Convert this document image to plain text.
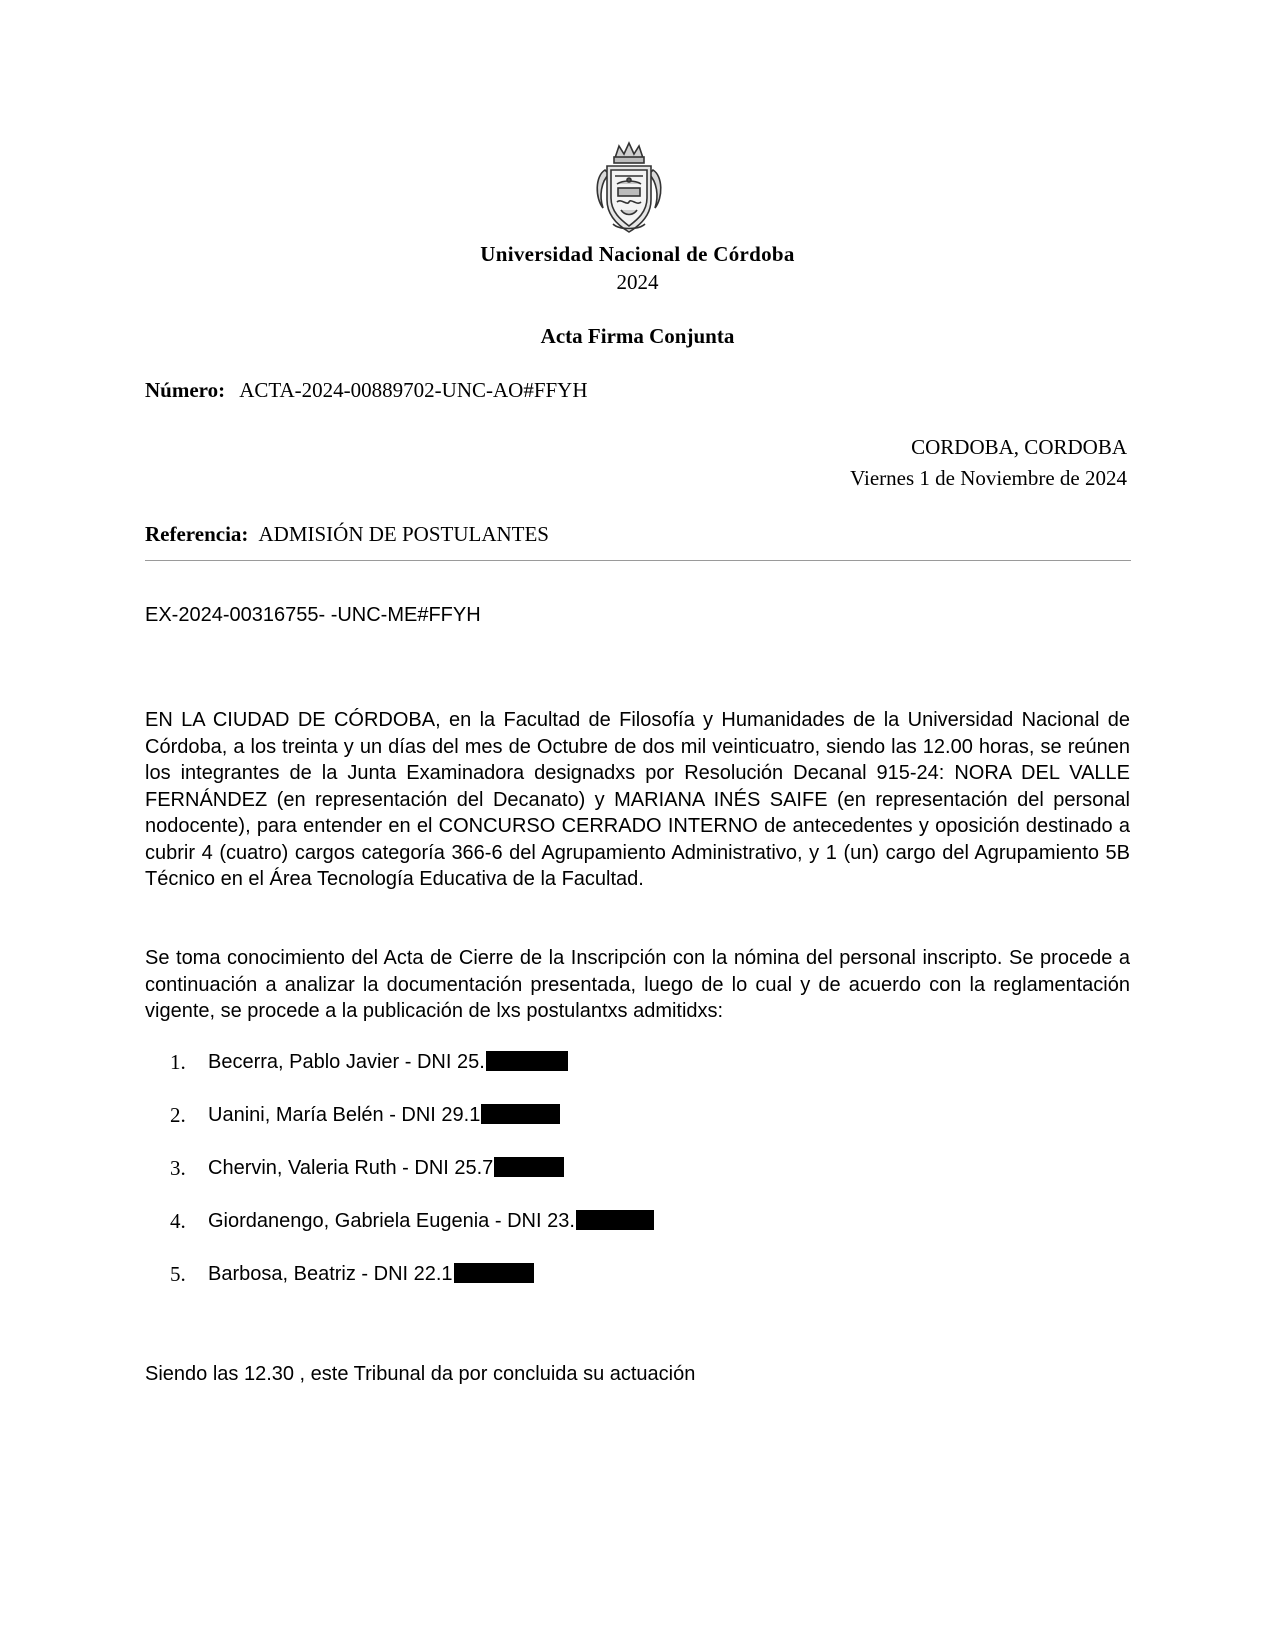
Universidad Nacional de Córdoba
2024
Acta Firma Conjunta
Número: ACTA-2024-00889702-UNC-AO#FFYH
CORDOBA, CORDOBA
Viernes 1 de Noviembre de 2024
Referencia: ADMISIÓN DE POSTULANTES
EX-2024-00316755- -UNC-ME#FFYH
EN LA CIUDAD DE CÓRDOBA, en la Facultad de Filosofía y Humanidades de la Universidad Nacional de Córdoba, a los treinta y un días del mes de Octubre de dos mil veinticuatro, siendo las 12.00 horas, se reúnen los integrantes de la Junta Examinadora designadxs por Resolución Decanal 915-24: NORA DEL VALLE FERNÁNDEZ (en representación del Decanato) y MARIANA INÉS SAIFE (en representación del personal nodocente), para entender en el CONCURSO CERRADO INTERNO de antecedentes y oposición destinado a cubrir 4 (cuatro) cargos categoría 366-6 del Agrupamiento Administrativo, y 1 (un) cargo del Agrupamiento 5B Técnico en el Área Tecnología Educativa de la Facultad.
Se toma conocimiento del Acta de Cierre de la Inscripción con la nómina del personal inscripto. Se procede a continuación a analizar la documentación presentada, luego de lo cual y de acuerdo con la reglamentación vigente, se procede a la publicación de lxs postulantxs admitidxs:
1.	Becerra, Pablo Javier - DNI 25.
2.	Uanini, María Belén - DNI 29.1
3.	Chervin, Valeria Ruth - DNI 25.7
4.	Giordanengo, Gabriela Eugenia - DNI 23.
5.	Barbosa, Beatriz - DNI 22.1
Siendo las 12.30 , este Tribunal da por concluida su actuación
